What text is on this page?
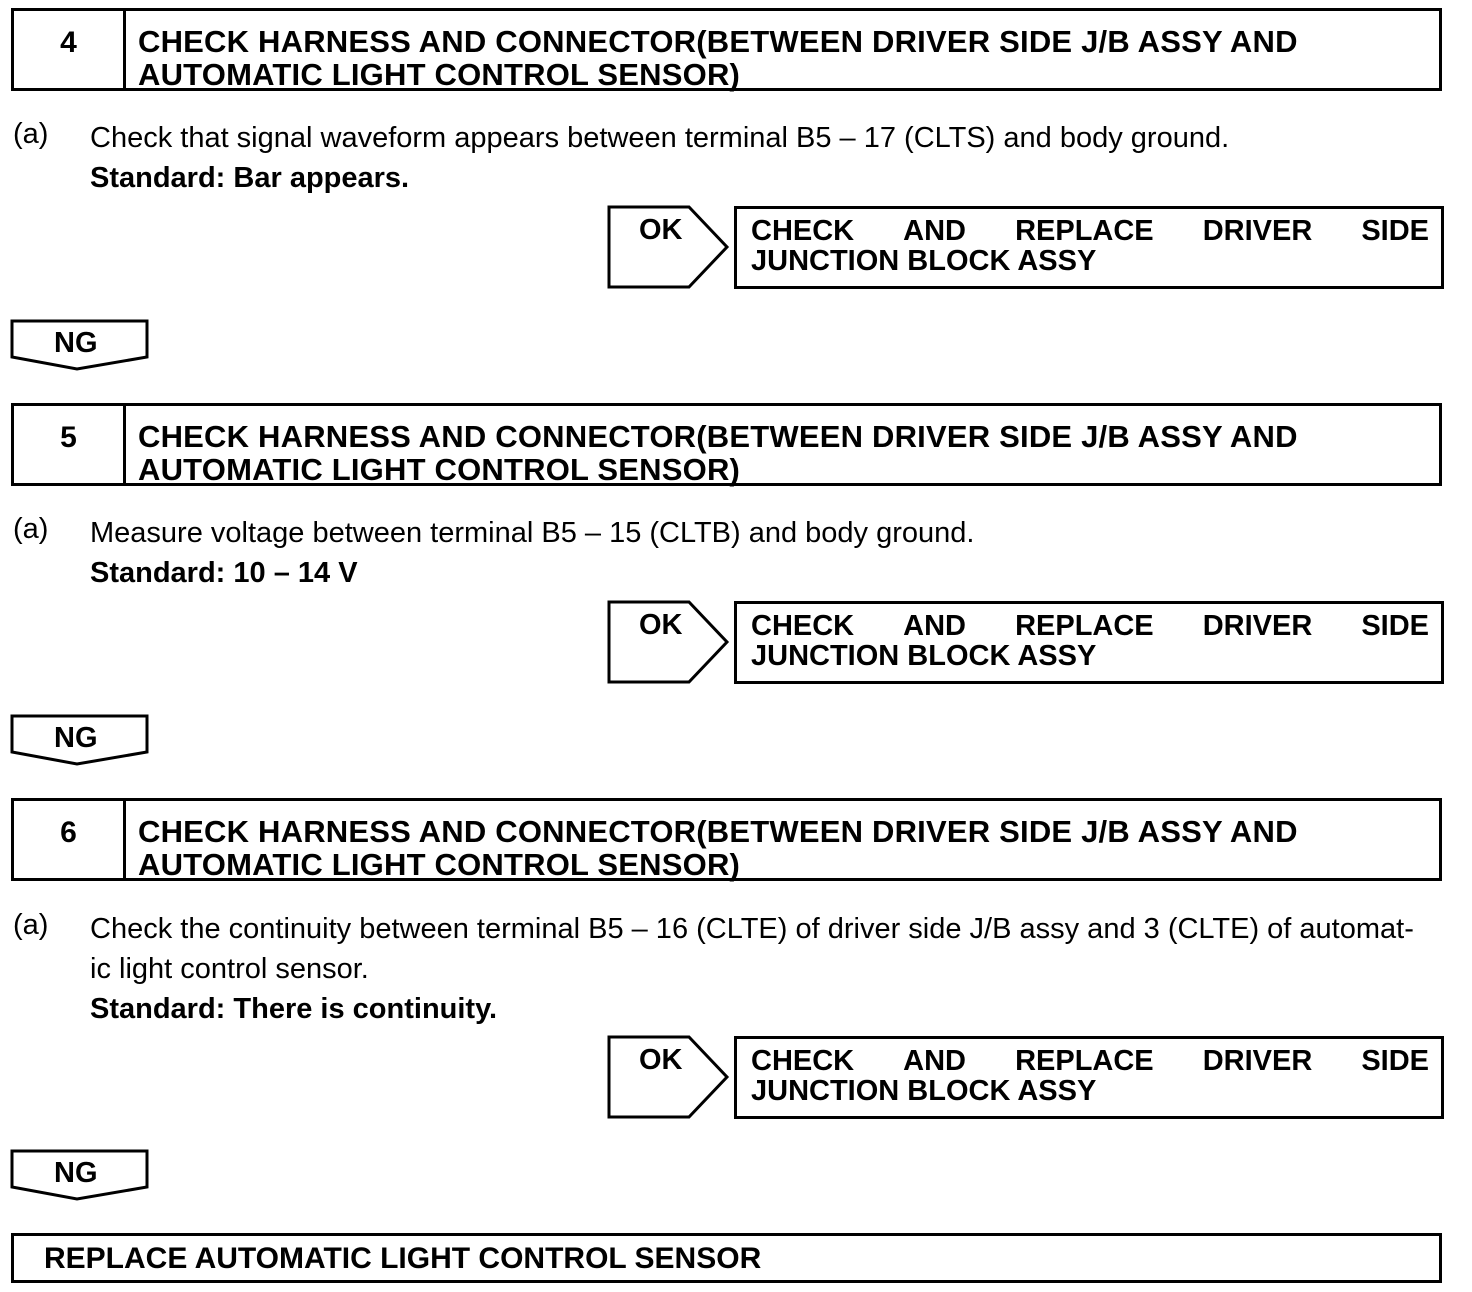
4	CHECK HARNESS AND CONNECTOR(BETWEEN DRIVER SIDE J/B ASSY AND
AUTOMATIC LIGHT CONTROL SENSOR)
(a) Check that signal waveform appears between terminal B5 – 17 (CLTS) and body ground.
Standard: Bar appears.
OK CHECK AND REPLACE DRIVER SIDE
JUNCTION BLOCK ASSY
NG
5	CHECK HARNESS AND CONNECTOR(BETWEEN DRIVER SIDE J/B ASSY AND
AUTOMATIC LIGHT CONTROL SENSOR)
(a) Measure voltage between terminal B5 – 15 (CLTB) and body ground.
Standard: 10 – 14 V
OK CHECK AND REPLACE DRIVER SIDE
JUNCTION BLOCK ASSY
NG
6	CHECK HARNESS AND CONNECTOR(BETWEEN DRIVER SIDE J/B ASSY AND
AUTOMATIC LIGHT CONTROL SENSOR)
(a) Check the continuity between terminal B5 – 16 (CLTE) of driver side J/B assy and 3 (CLTE) of automat-
ic light control sensor.
Standard: There is continuity.
OK CHECK AND REPLACE DRIVER SIDE
JUNCTION BLOCK ASSY
NG
REPLACE AUTOMATIC LIGHT CONTROL SENSOR
